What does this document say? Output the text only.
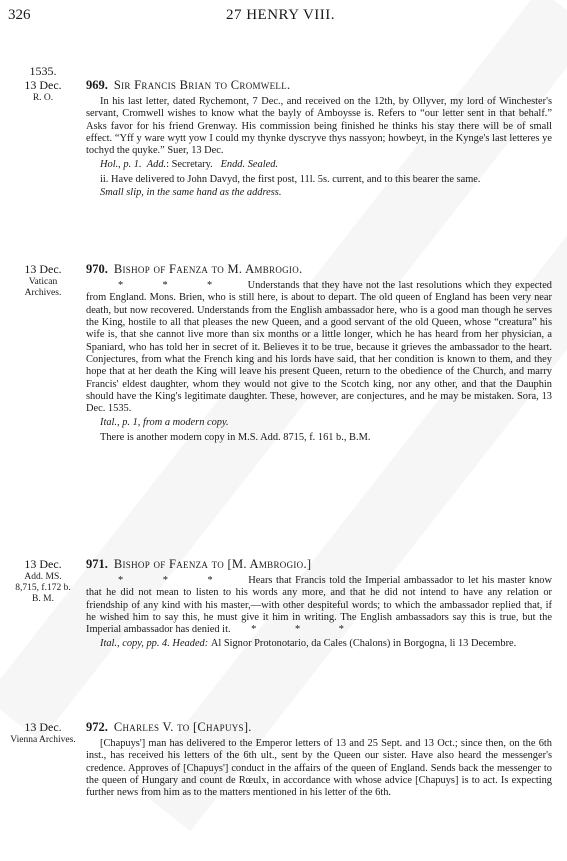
326	27 HENRY VIII.
1535.
13 Dec.
R. O.
969. Sir Francis Brian to Cromwell.

In his last letter, dated Rychemont, 7 Dec., and received on the 12th, by Ollyver, my lord of Winchester's servant, Cromwell wishes to know what the bayly of Amboysse is. Refers to “our letter sent in that behalf.” Asks favor for his friend Grenway. His commission being finished he thinks his stay there will be of small effect. “Yff y ware wytt yow I could my thynke dyscryve thys nassyon; howbeyt, in the Kynge's last letteres ye tochyd the quyke.” Suer, 13 Dec.

Hol., p. 1. Add.: Secretary. Endd. Sealed.

ii. Have delivered to John Davyd, the first post, 11l. 5s. current, and to this bearer the same.

Small slip, in the same hand as the address.

13 Dec.
Vatican Archives.
970. Bishop of Faenza to M. Ambrogio.

* * * Understands that they have not the last resolutions which they expected from England. Mons. Brien, who is still here, is about to depart. The old queen of England has been very near death, but now recovered. Understands from the English ambassador here, who is a good man though he serves the King, hostile to all that pleases the new Queen, and a good servant of the old Queen, whose “creatura” his wife is, that she cannot live more than six months or a little longer, which he has heard from her physician, a Spaniard, who has told her in secret of it. Believes it to be true, because it grieves the ambassador to the heart. Conjectures, from what the French king and his lords have said, that her condition is known to them, and they hope that at her death the King will leave his present Queen, return to the obedience of the Church, and marry Francis' eldest daughter, whom they would not give to the Scotch king, nor any other, and that the Dauphin should have the King's legitimate daughter. These, however, are conjectures, and he may be mistaken. Sora, 13 Dec. 1535.

Ital., p. 1, from a modern copy.

There is another modern copy in M.S. Add. 8715, f. 161 b., B.M.

13 Dec.
Add. MS.
8,715, f.172 b.
B. M.
971. Bishop of Faenza to [M. Ambrogio.]

* * * Hears that Francis told the Imperial ambassador to let his master know that he did not mean to listen to his words any more, and that he did not intend to have any relation or friendship of any kind with his master,—with other despiteful words; to which the ambassador replied that, if he wished him to say this, he must give it him in writing. The English ambassadors say this is true, but the Imperial ambassador has denied it. * * *

Ital., copy, pp. 4. Headed: Al Signor Protonotario, da Cales (Chalons) in Borgogna, li 13 Decembre.

13 Dec.
Vienna Archives.
972. Charles V. to [Chapuys].

[Chapuys'] man has delivered to the Emperor letters of 13 and 25 Sept. and 13 Oct.; since then, on the 6th inst., has received his letters of the 6th ult., sent by the Queen our sister. Have also heard the messenger's credence. Approves of [Chapuys'] conduct in the affairs of the queen of England. Sends back the messenger to the queen of Hungary and count de Rœulx, in accordance with whose advice [Chapuys] is to act. Is expecting further news from him as to the matters mentioned in his letter of the 6th.
